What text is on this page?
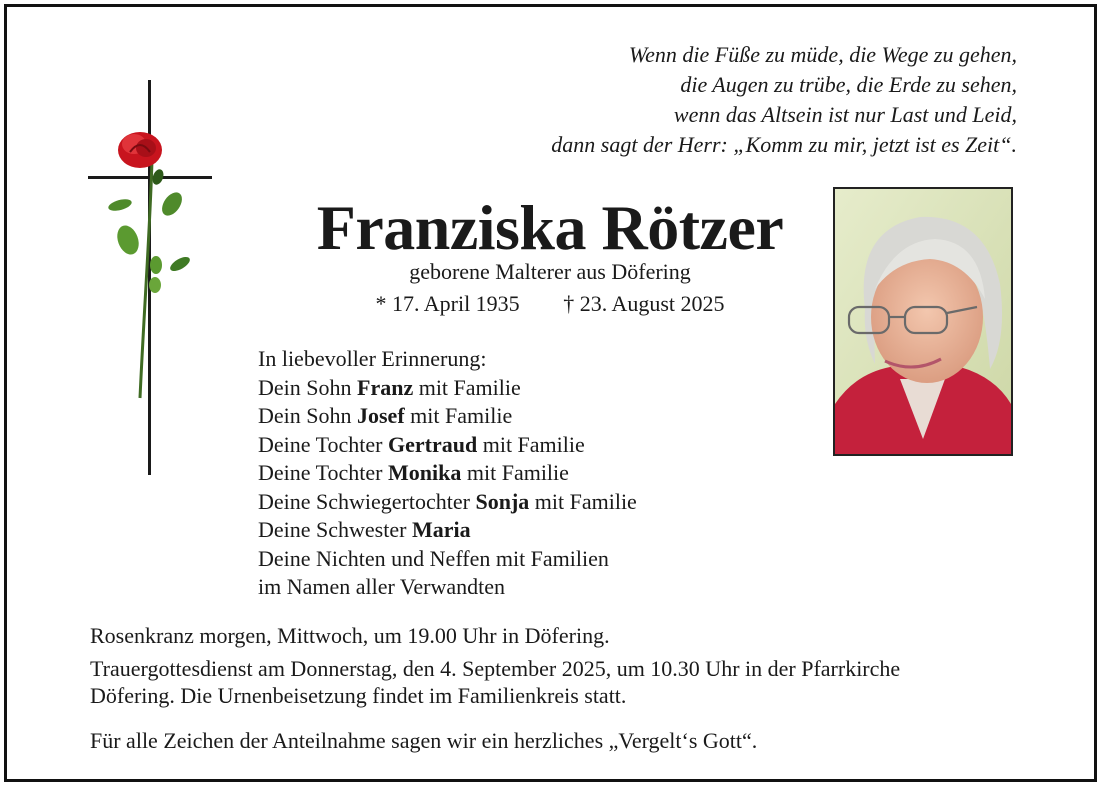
Wenn die Füße zu müde, die Wege zu gehen,
die Augen zu trübe, die Erde zu sehen,
wenn das Altsein ist nur Last und Leid,
dann sagt der Herr: „Komm zu mir, jetzt ist es Zeit“.
Franziska Rötzer
geborene Malterer aus Döfering
* 17. April 1935 † 23. August 2025
In liebevoller Erinnerung:
Dein Sohn Franz mit Familie
Dein Sohn Josef mit Familie
Deine Tochter Gertraud mit Familie
Deine Tochter Monika mit Familie
Deine Schwiegertochter Sonja mit Familie
Deine Schwester Maria
Deine Nichten und Neffen mit Familien
im Namen aller Verwandten
Rosenkranz morgen, Mittwoch, um 19.00 Uhr in Döfering.
Trauergottesdienst am Donnerstag, den 4. September 2025, um 10.30 Uhr in der Pfarrkirche Döfering. Die Urnenbeisetzung findet im Familienkreis statt.
Für alle Zeichen der Anteilnahme sagen wir ein herzliches „Vergelt‘s Gott“.
